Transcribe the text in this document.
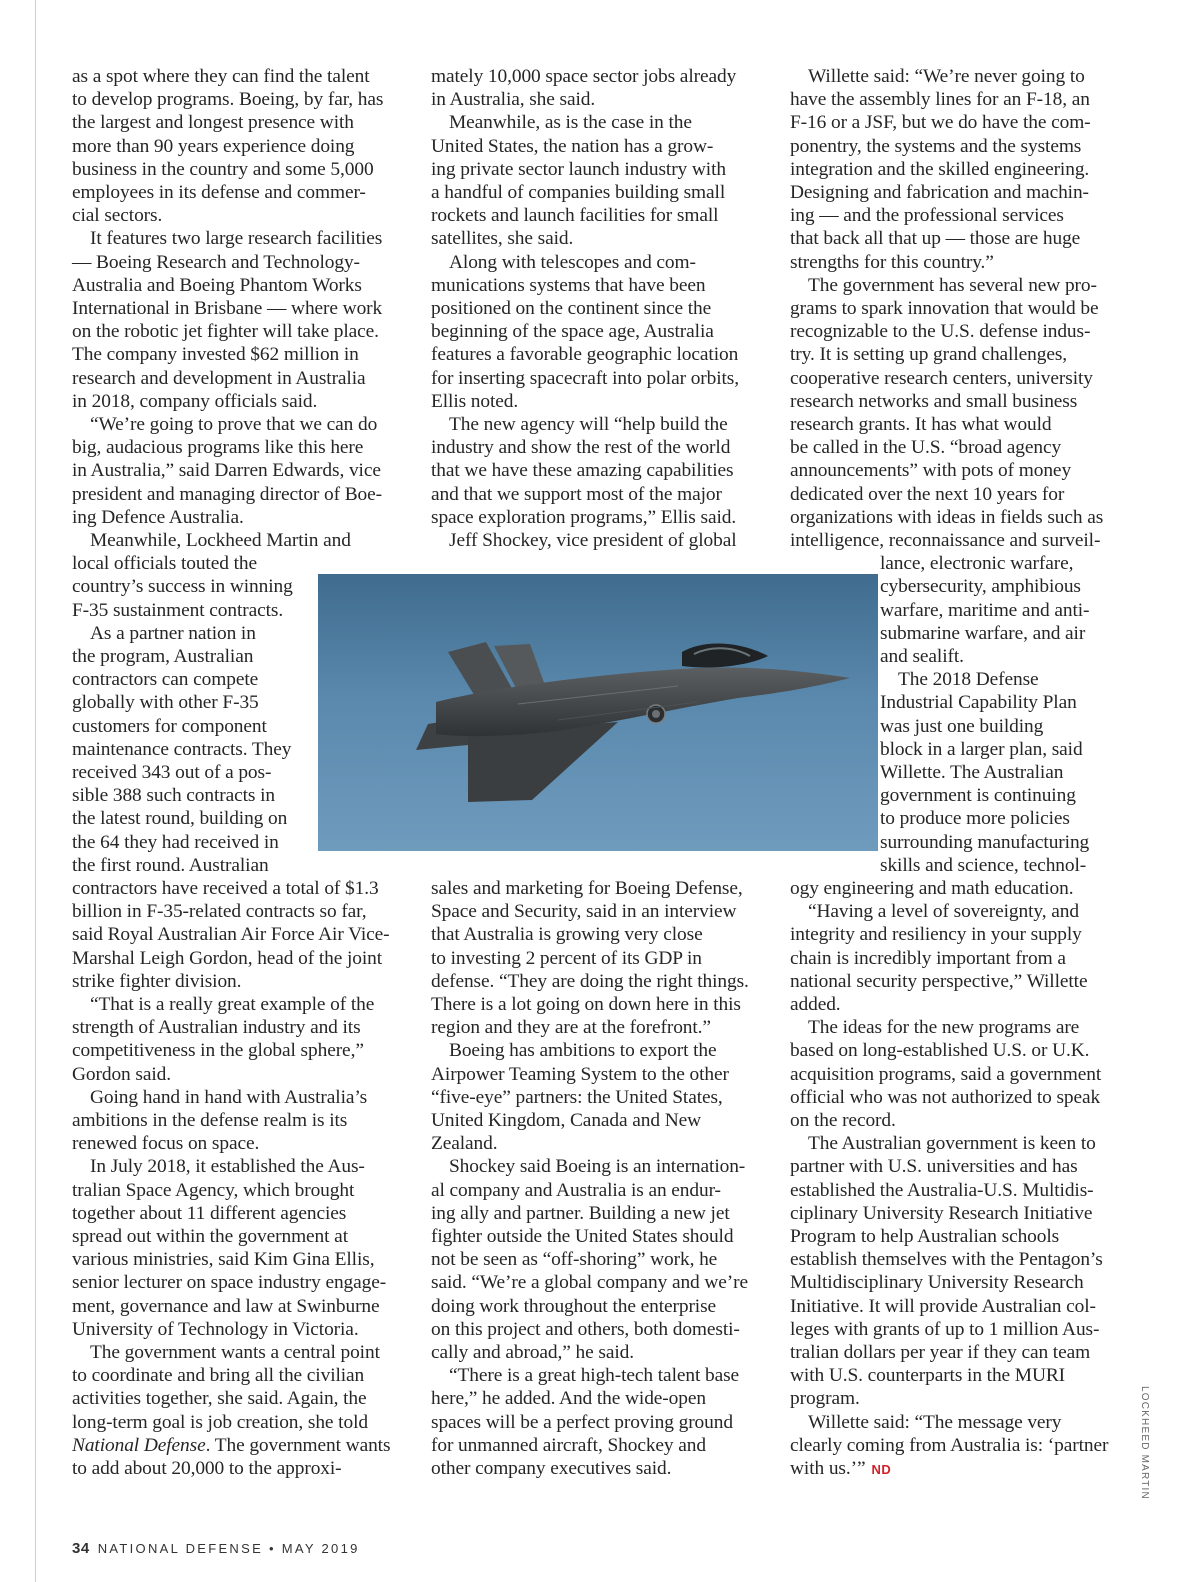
as a spot where they can find the talent
to develop programs. Boeing, by far, has
the largest and longest presence with
more than 90 years experience doing
business in the country and some 5,000
employees in its defense and commer-
cial sectors.
It features two large research facilities
— Boeing Research and Technology-
Australia and Boeing Phantom Works
International in Brisbane — where work
on the robotic jet fighter will take place.
The company invested $62 million in
research and development in Australia
in 2018, company officials said.
“We’re going to prove that we can do
big, audacious programs like this here
in Australia,” said Darren Edwards, vice
president and managing director of Boe-
ing Defence Australia.
Meanwhile, Lockheed Martin and
local officials touted the
country’s success in winning
F-35 sustainment contracts.
As a partner nation in
the program, Australian
contractors can compete
globally with other F-35
customers for component
maintenance contracts. They
received 343 out of a pos-
sible 388 such contracts in
the latest round, building on
the 64 they had received in
the first round. Australian
contractors have received a total of $1.3
billion in F-35-related contracts so far,
said Royal Australian Air Force Air Vice-
Marshal Leigh Gordon, head of the joint
strike fighter division.
“That is a really great example of the
strength of Australian industry and its
competitiveness in the global sphere,”
Gordon said.
Going hand in hand with Australia’s
ambitions in the defense realm is its
renewed focus on space.
In July 2018, it established the Aus-
tralian Space Agency, which brought
together about 11 different agencies
spread out within the government at
various ministries, said Kim Gina Ellis,
senior lecturer on space industry engage-
ment, governance and law at Swinburne
University of Technology in Victoria.
The government wants a central point
to coordinate and bring all the civilian
activities together, she said. Again, the
long-term goal is job creation, she told
National Defense. The government wants
to add about 20,000 to the approxi-
mately 10,000 space sector jobs already
in Australia, she said.
Meanwhile, as is the case in the
United States, the nation has a grow-
ing private sector launch industry with
a handful of companies building small
rockets and launch facilities for small
satellites, she said.
Along with telescopes and com-
munications systems that have been
positioned on the continent since the
beginning of the space age, Australia
features a favorable geographic location
for inserting spacecraft into polar orbits,
Ellis noted.
The new agency will “help build the
industry and show the rest of the world
that we have these amazing capabilities
and that we support most of the major
space exploration programs,” Ellis said.
Jeff Shockey, vice president of global
sales and marketing for Boeing Defense,
Space and Security, said in an interview
that Australia is growing very close
to investing 2 percent of its GDP in
defense. “They are doing the right things.
There is a lot going on down here in this
region and they are at the forefront.”
Boeing has ambitions to export the
Airpower Teaming System to the other
“five-eye” partners: the United States,
United Kingdom, Canada and New
Zealand.
Shockey said Boeing is an internation-
al company and Australia is an endur-
ing ally and partner. Building a new jet
fighter outside the United States should
not be seen as “off-shoring” work, he
said. “We’re a global company and we’re
doing work throughout the enterprise
on this project and others, both domesti-
cally and abroad,” he said.
“There is a great high-tech talent base
here,” he added. And the wide-open
spaces will be a perfect proving ground
for unmanned aircraft, Shockey and
other company executives said.
Willette said: “We’re never going to
have the assembly lines for an F-18, an
F-16 or a JSF, but we do have the com-
ponentry, the systems and the systems
integration and the skilled engineering.
Designing and fabrication and machin-
ing — and the professional services
that back all that up — those are huge
strengths for this country.”
The government has several new pro-
grams to spark innovation that would be
recognizable to the U.S. defense indus-
try. It is setting up grand challenges,
cooperative research centers, university
research networks and small business
research grants. It has what would
be called in the U.S. “broad agency
announcements” with pots of money
dedicated over the next 10 years for
organizations with ideas in fields such as
intelligence, reconnaissance and surveil-
lance, electronic warfare,
cybersecurity, amphibious
warfare, maritime and anti-
submarine warfare, and air
and sealift.
The 2018 Defense
Industrial Capability Plan
was just one building
block in a larger plan, said
Willette. The Australian
government is continuing
to produce more policies
surrounding manufacturing
skills and science, technol-
ogy engineering and math education.
“Having a level of sovereignty, and
integrity and resiliency in your supply
chain is incredibly important from a
national security perspective,” Willette
added.
The ideas for the new programs are
based on long-established U.S. or U.K.
acquisition programs, said a government
official who was not authorized to speak
on the record.
The Australian government is keen to
partner with U.S. universities and has
established the Australia-U.S. Multidis-
ciplinary University Research Initiative
Program to help Australian schools
establish themselves with the Pentagon’s
Multidisciplinary University Research
Initiative. It will provide Australian col-
leges with grants of up to 1 million Aus-
tralian dollars per year if they can team
with U.S. counterparts in the MURI
program.
Willette said: “The message very
clearly coming from Australia is: ‘partner
with us.’” ND
Australia’s first F-35A Lightning II
34 NATIONAL DEFENSE • MAY 2019
LOCKHEED MARTIN
